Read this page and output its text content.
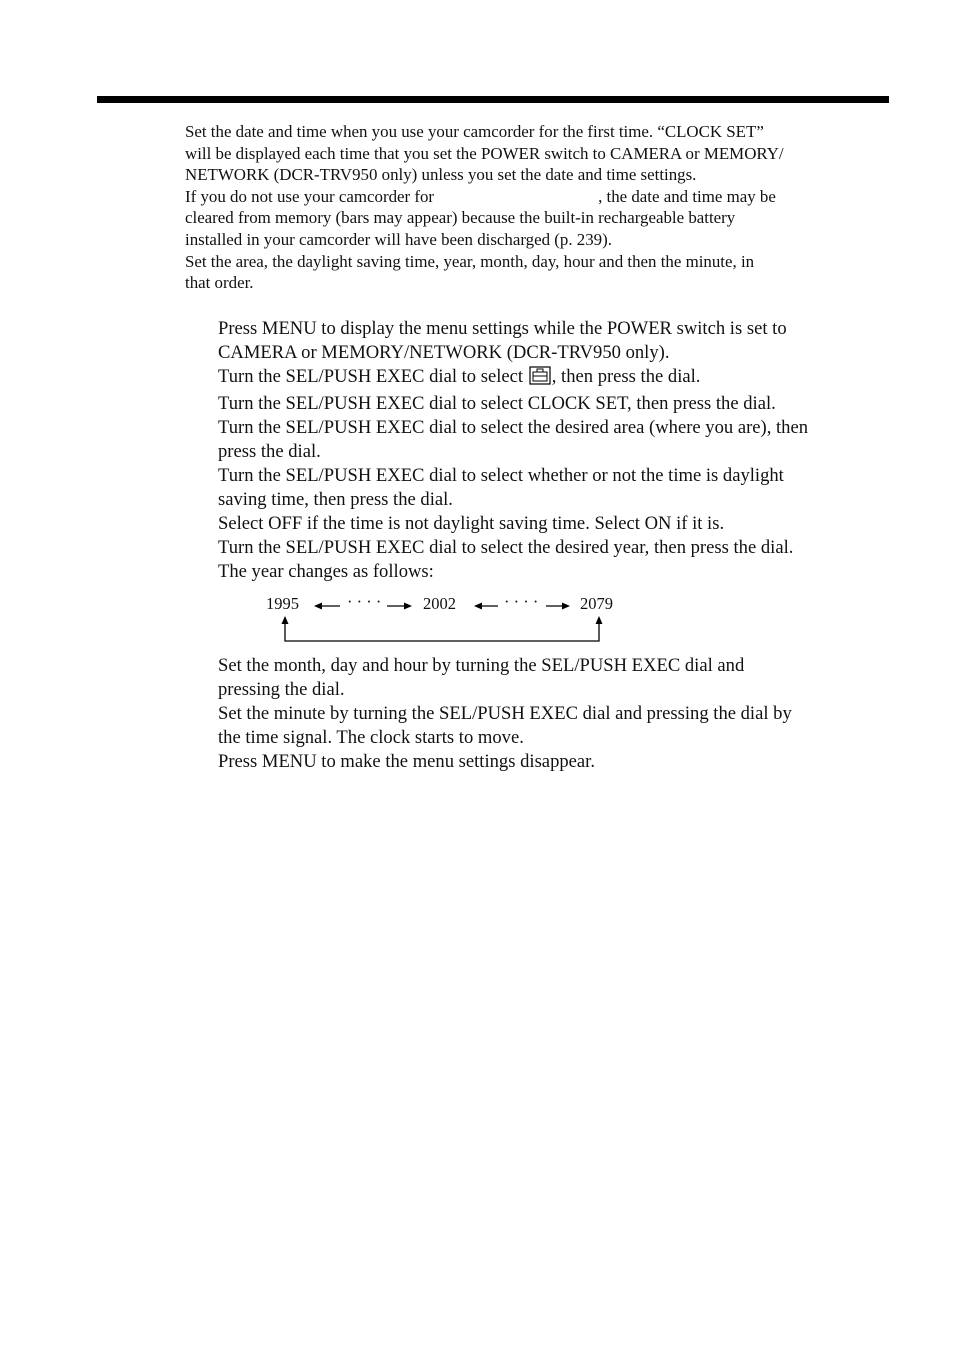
Set the date and time when you use your camcorder for the first time. “CLOCK SET”
will be displayed each time that you set the POWER switch to CAMERA or MEMORY/
NETWORK (DCR-TRV950 only) unless you set the date and time settings.
If you do not use your camcorder for	, the date and time may be
cleared from memory (bars may appear) because the built-in rechargeable battery
installed in your camcorder will have been discharged (p. 239).
Set the area, the daylight saving time, year, month, day, hour and then the minute, in
that order.
Press MENU to display the menu settings while the POWER switch is set to
CAMERA or MEMORY/NETWORK (DCR-TRV950 only).
Turn the SEL/PUSH EXEC dial to select , then press the dial.
Turn the SEL/PUSH EXEC dial to select CLOCK SET, then press the dial.
Turn the SEL/PUSH EXEC dial to select the desired area (where you are), then
press the dial.
Turn the SEL/PUSH EXEC dial to select whether or not the time is daylight
saving time, then press the dial.
Select OFF if the time is not daylight saving time. Select ON if it is.
Turn the SEL/PUSH EXEC dial to select the desired year, then press the dial.
The year changes as follows:
1995	· · · ·	2002	· · · ·	2079
Set the month, day and hour by turning the SEL/PUSH EXEC dial and
pressing the dial.
Set the minute by turning the SEL/PUSH EXEC dial and pressing the dial by
the time signal. The clock starts to move.
Press MENU to make the menu settings disappear.
